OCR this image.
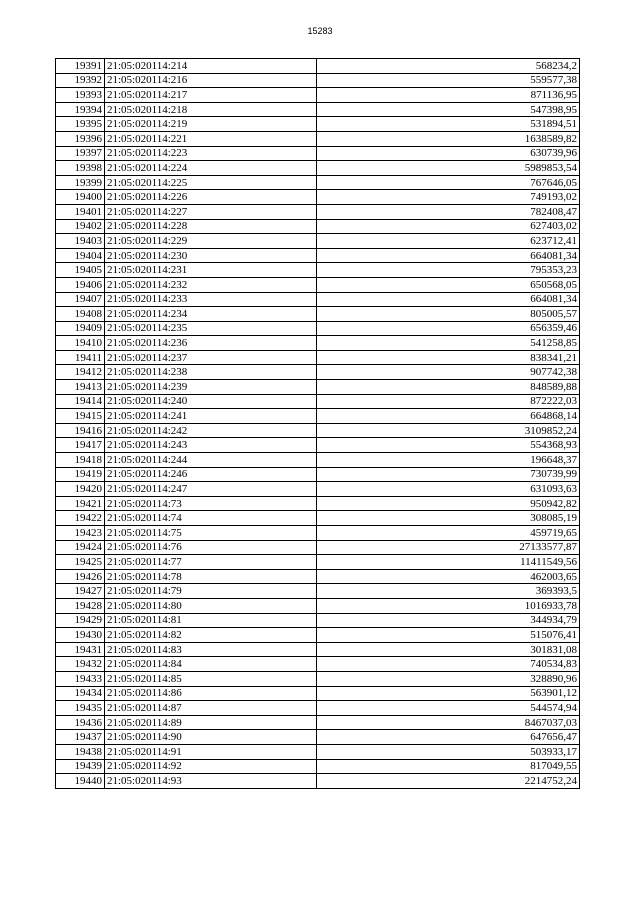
15283
19391	21:05:020114:214	568234,2
19392	21:05:020114:216	559577,38
19393	21:05:020114:217	871136,95
19394	21:05:020114:218	547398,95
19395	21:05:020114:219	531894,51
19396	21:05:020114:221	1638589,82
19397	21:05:020114:223	630739,96
19398	21:05:020114:224	5989853,54
19399	21:05:020114:225	767646,05
19400	21:05:020114:226	749193,02
19401	21:05:020114:227	782408,47
19402	21:05:020114:228	627403,02
19403	21:05:020114:229	623712,41
19404	21:05:020114:230	664081,34
19405	21:05:020114:231	795353,23
19406	21:05:020114:232	650568,05
19407	21:05:020114:233	664081,34
19408	21:05:020114:234	805005,57
19409	21:05:020114:235	656359,46
19410	21:05:020114:236	541258,85
19411	21:05:020114:237	838341,21
19412	21:05:020114:238	907742,38
19413	21:05:020114:239	848589,88
19414	21:05:020114:240	872222,03
19415	21:05:020114:241	664868,14
19416	21:05:020114:242	3109852,24
19417	21:05:020114:243	554368,93
19418	21:05:020114:244	196648,37
19419	21:05:020114:246	730739,99
19420	21:05:020114:247	631093,63
19421	21:05:020114:73	950942,82
19422	21:05:020114:74	308085,19
19423	21:05:020114:75	459719,65
19424	21:05:020114:76	27133577,87
19425	21:05:020114:77	11411549,56
19426	21:05:020114:78	462003,65
19427	21:05:020114:79	369393,5
19428	21:05:020114:80	1016933,78
19429	21:05:020114:81	344934,79
19430	21:05:020114:82	515076,41
19431	21:05:020114:83	301831,08
19432	21:05:020114:84	740534,83
19433	21:05:020114:85	328890,96
19434	21:05:020114:86	563901,12
19435	21:05:020114:87	544574,94
19436	21:05:020114:89	8467037,03
19437	21:05:020114:90	647656,47
19438	21:05:020114:91	503933,17
19439	21:05:020114:92	817049,55
19440	21:05:020114:93	2214752,24
